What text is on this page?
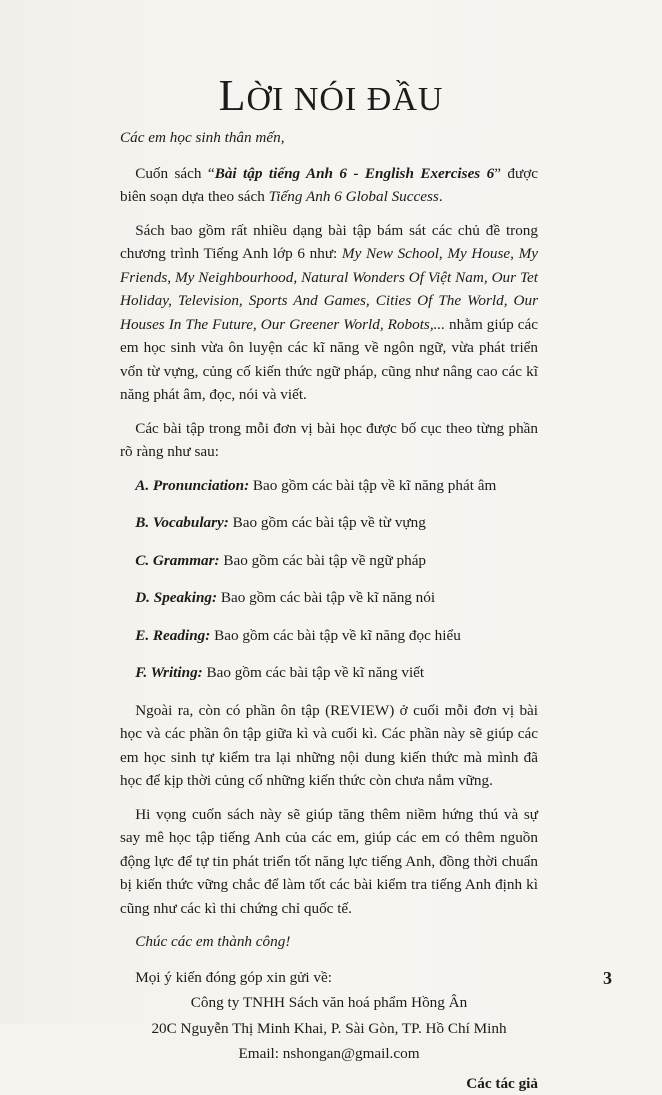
LỜI NÓI ĐẦU

Các em học sinh thân mến,

 Cuốn sách “Bài tập tiếng Anh 6 - English Exercises 6” được biên soạn dựa theo sách Tiếng Anh 6 Global Success.

 Sách bao gồm rất nhiều dạng bài tập bám sát các chủ đề trong chương trình Tiếng Anh lớp 6 như: My New School, My House, My Friends, My Neighbourhood, Natural Wonders Of Việt Nam, Our Tet Holiday, Television, Sports And Games, Cities Of The World, Our Houses In The Future, Our Greener World, Robots,... nhằm giúp các em học sinh vừa ôn luyện các kĩ năng về ngôn ngữ, vừa phát triển vốn từ vựng, củng cố kiến thức ngữ pháp, cũng như nâng cao các kĩ năng phát âm, đọc, nói và viết.

 Các bài tập trong mỗi đơn vị bài học được bố cục theo từng phần rõ ràng như sau:

 A. Pronunciation: Bao gồm các bài tập về kĩ năng phát âm

 B. Vocabulary: Bao gồm các bài tập về từ vựng

 C. Grammar: Bao gồm các bài tập về ngữ pháp

 D. Speaking: Bao gồm các bài tập về kĩ năng nói

 E. Reading: Bao gồm các bài tập về kĩ năng đọc hiểu

 F. Writing: Bao gồm các bài tập về kĩ năng viết

 Ngoài ra, còn có phần ôn tập (REVIEW) ở cuối mỗi đơn vị bài học và các phần ôn tập giữa kì và cuối kì. Các phần này sẽ giúp các em học sinh tự kiểm tra lại những nội dung kiến thức mà mình đã học để kịp thời củng cố những kiến thức còn chưa nắm vững.

 Hi vọng cuốn sách này sẽ giúp tăng thêm niềm hứng thú và sự say mê học tập tiếng Anh của các em, giúp các em có thêm nguồn động lực để tự tin phát triển tốt năng lực tiếng Anh, đồng thời chuẩn bị kiến thức vững chắc để làm tốt các bài kiểm tra tiếng Anh định kì cũng như các kì thi chứng chỉ quốc tế.

 Chúc các em thành công!

 Mọi ý kiến đóng góp xin gửi về:

Công ty TNHH Sách văn hoá phẩm Hồng Ân

20C Nguyễn Thị Minh Khai, P. Sài Gòn, TP. Hồ Chí Minh

Email: nshongan@gmail.com

Các tác giả

3
